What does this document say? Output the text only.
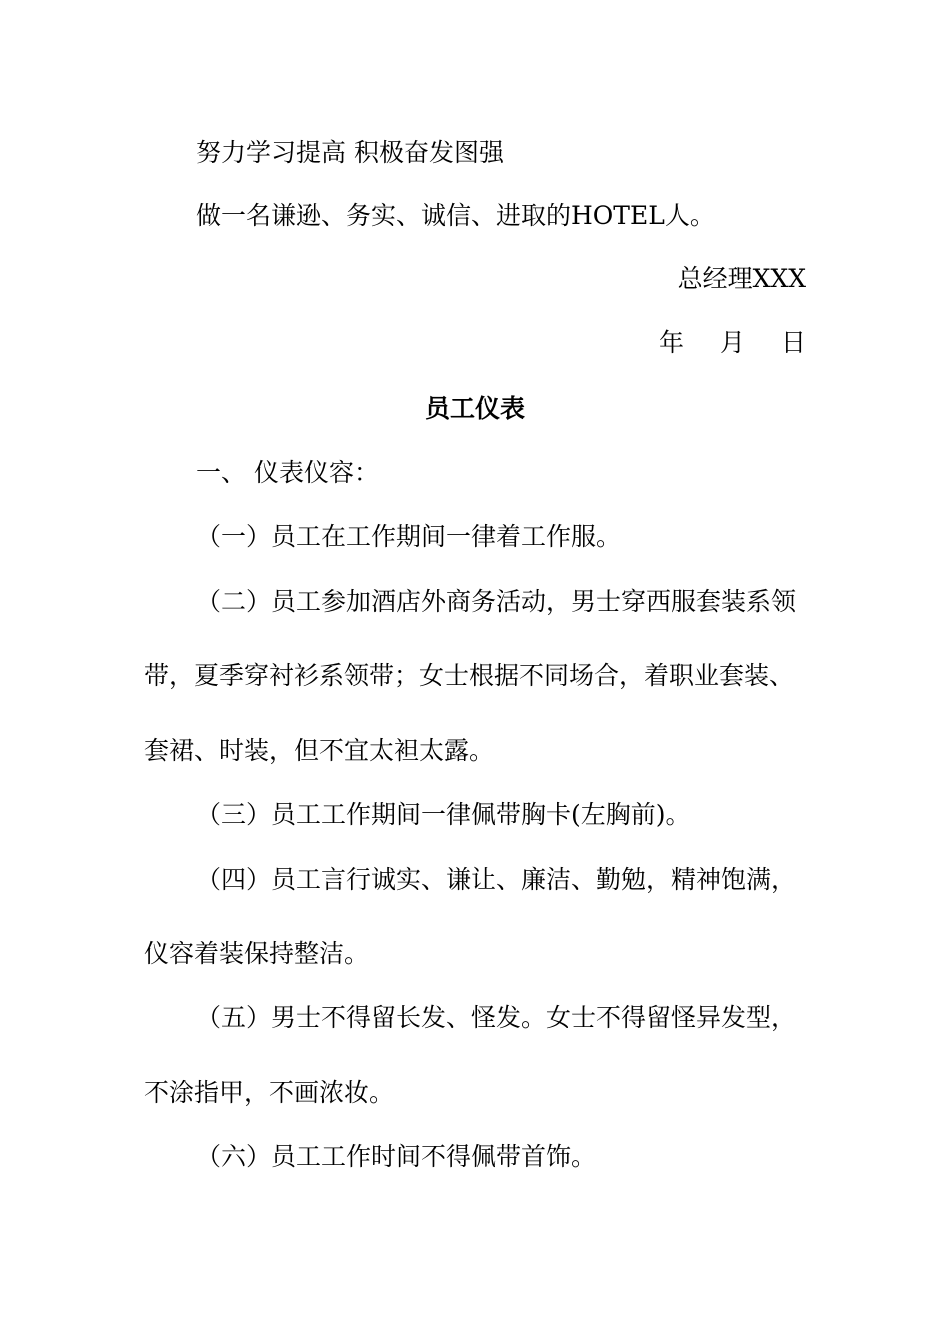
努力学习提高 积极奋发图强

做一名谦逊、务实、诚信、进取的HOTEL人。

总经理XXX

年 月 日

员工仪表

一、 仪表仪容：

（一）员工在工作期间一律着工作服。

（二）员工参加酒店外商务活动，男士穿西服套装系领

带，夏季穿衬衫系领带；女士根据不同场合，着职业套装、

套裙、时装，但不宜太袒太露。

（三）员工工作期间一律佩带胸卡(左胸前)。

（四）员工言行诚实、谦让、廉洁、勤勉，精神饱满，

仪容着装保持整洁。

（五）男士不得留长发、怪发。女士不得留怪异发型，

不涂指甲，不画浓妆。

（六）员工工作时间不得佩带首饰。
